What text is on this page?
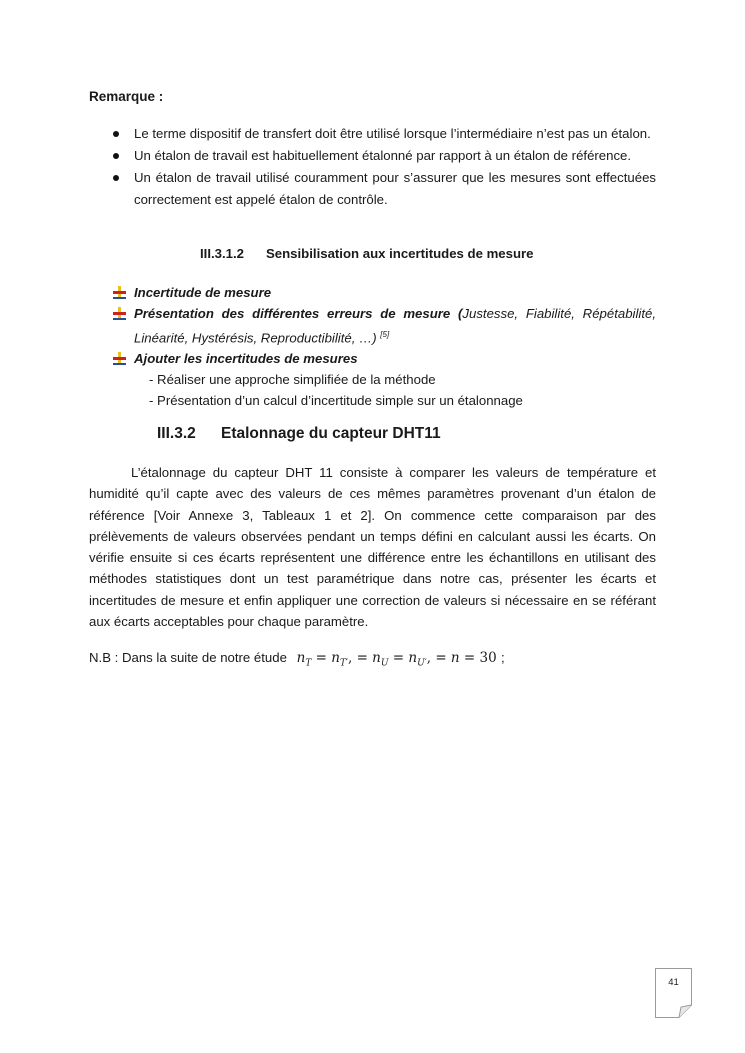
Remarque :
Le terme dispositif de transfert doit être utilisé lorsque l’intermédiaire n’est pas un étalon.
Un étalon de travail est habituellement étalonné par rapport à un étalon de référence.
Un étalon de travail utilisé couramment pour s’assurer que les mesures sont effectuées correctement est appelé étalon de contrôle.
III.3.1.2 Sensibilisation aux incertitudes de mesure
Incertitude de mesure
Présentation des différentes erreurs de mesure (Justesse, Fiabilité, Répétabilité, Linéarité, Hystérésis, Reproductibilité, …) [5]
Ajouter les incertitudes de mesures
- Réaliser une approche simplifiée de la méthode
- Présentation d’un calcul d’incertitude simple sur un étalonnage
III.3.2 Etalonnage du capteur DHT11

L’étalonnage du capteur DHT 11 consiste à comparer les valeurs de température et humidité qu’il capte avec des valeurs de ces mêmes paramètres provenant d’un étalon de référence [Voir Annexe 3, Tableaux 1 et 2]. On commence cette comparaison par des prélèvements de valeurs observées pendant un temps défini en calculant aussi les écarts. On vérifie ensuite si ces écarts représentent une différence entre les échantillons en utilisant des méthodes statistiques dont un test paramétrique dans notre cas, présenter les écarts et incertitudes de mesure et enfin appliquer une correction de valeurs si nécessaire en se référant aux écarts acceptables pour chaque paramètre.

N.B : Dans la suite de notre étude $n_T = n_{T'}$, = $n_U = n_{U'}$, = n = 30 ;
41
